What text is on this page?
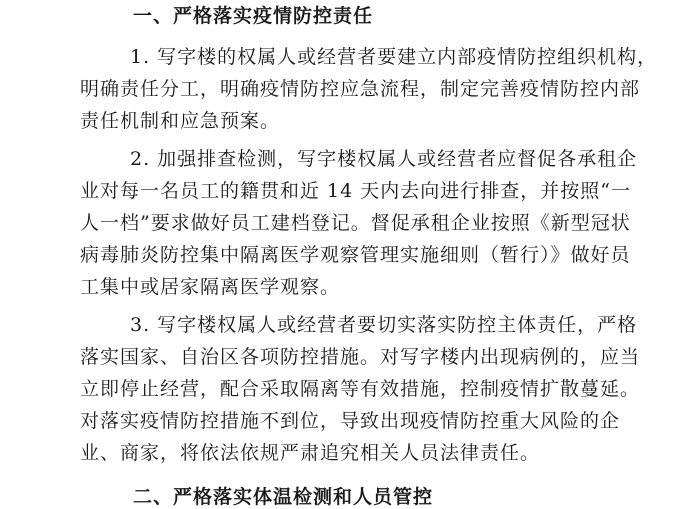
一、严格落实疫情防控责任
1. 写字楼的权属人或经营者要建立内部疫情防控组织机构，
明确责任分工，明确疫情防控应急流程，制定完善疫情防控内部
责任机制和应急预案。
2. 加强排查检测，写字楼权属人或经营者应督促各承租企
业对每一名员工的籍贯和近 14 天内去向进行排查，并按照“一
人一档”要求做好员工建档登记。督促承租企业按照《新型冠状
病毒肺炎防控集中隔离医学观察管理实施细则（暂行）》做好员
工集中或居家隔离医学观察。
3. 写字楼权属人或经营者要切实落实防控主体责任，严格
落实国家、自治区各项防控措施。对写字楼内出现病例的，应当
立即停止经营，配合采取隔离等有效措施，控制疫情扩散蔓延。
对落实疫情防控措施不到位，导致出现疫情防控重大风险的企
业、商家，将依法依规严肃追究相关人员法律责任。
二、严格落实体温检测和人员管控
